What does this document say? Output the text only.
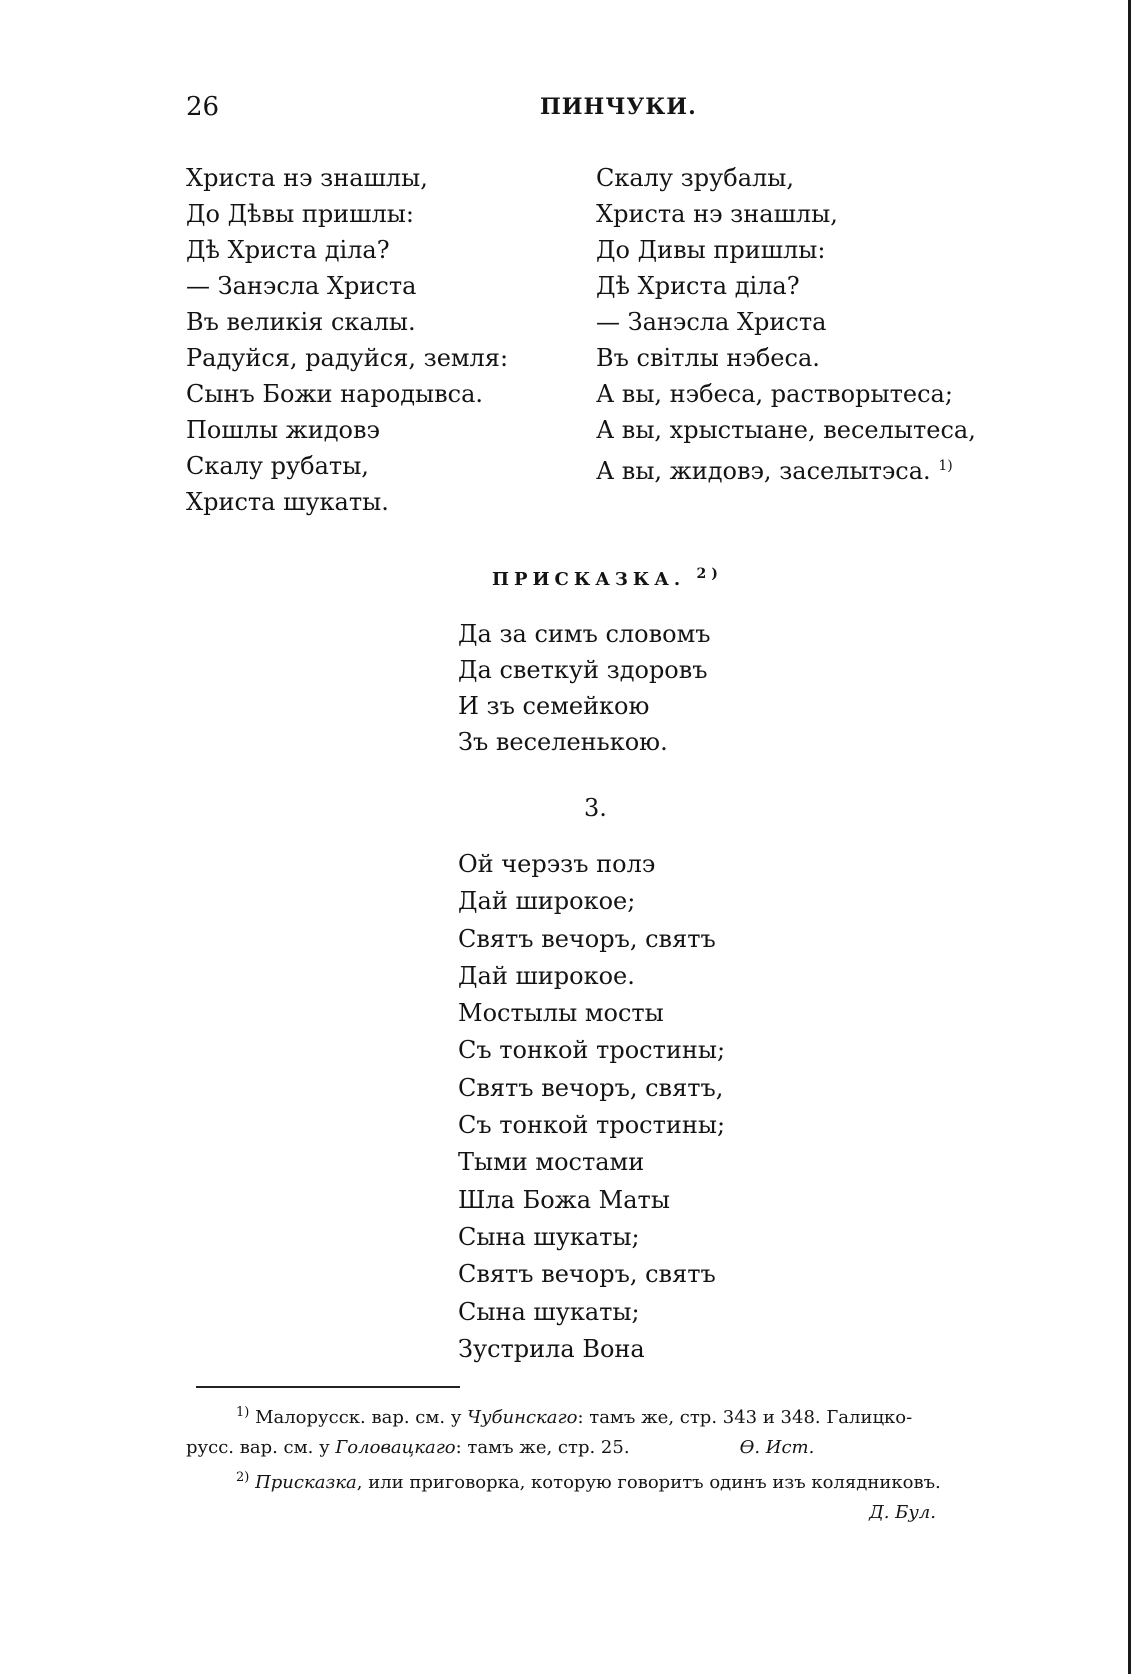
26	ПИНЧУКИ.
Христа нэ знашлы,
До Дѣвы пришлы:
Дѣ Христа діла?
— Занэсла Христа
Въ великія скалы.
Радуйся, радуйся, земля:
Сынъ Божи народывса.
Пошлы жидовэ
Скалу рубаты,
Христа шукаты.
Скалу зрубалы,
Христа нэ знашлы,
До Дивы пришлы:
Дѣ Христа діла?
— Занэсла Христа
Въ світлы нэбеса.
А вы, нэбеса, растворытеса;
А вы, хрыстыане, веселытеса,
А вы, жидовэ, заселытэса. $^{1)}$
ПРИСКАЗКА. $^{2)}$
Да за симъ словомъ
Да светкуй здоровъ
И зъ семейкою
Зъ веселенькою.
3.
Ой черэзъ полэ
Дай широкое;
Святъ вечоръ, святъ
Дай широкое.
Мостылы мосты
Съ тонкой тростины;
Святъ вечоръ, святъ,
Съ тонкой тростины;
Тыми мостами
Шла Божа Маты
Сына шукаты;
Святъ вечоръ, святъ
Сына шукаты;
Зустрила Вона
$^{1)}$ Малорусск. вар. см. у Чубинскаго: тамъ же, стр. 343 и 348. Галицко-
русс. вар. см. у Головацкаго: тамъ же, стр. 25.	Ѳ. Ист.
$^{2)}$ Присказка, или приговорка, которую говоритъ одинъ изъ колядниковъ.
Д. Бул.
